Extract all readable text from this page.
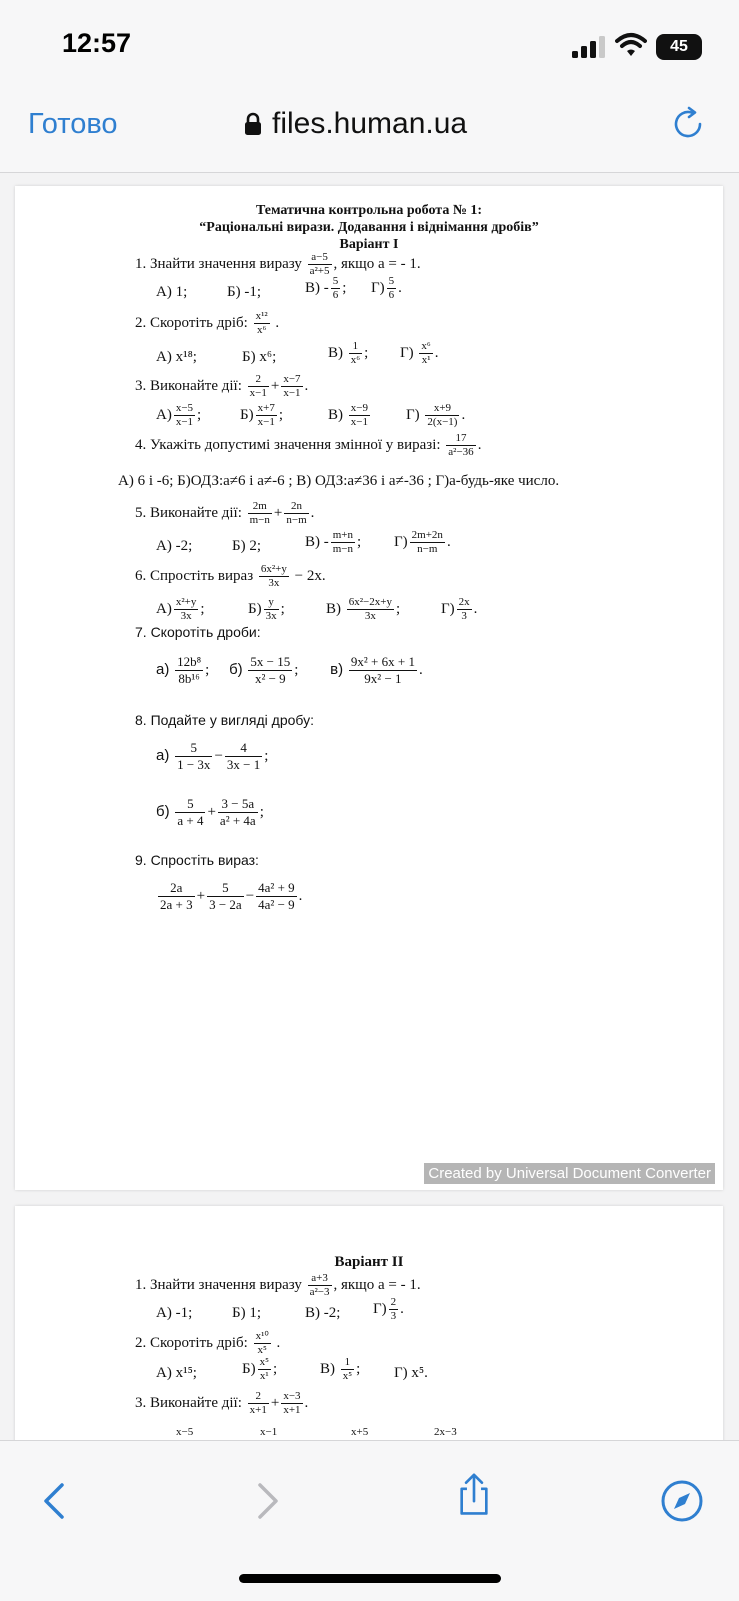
12:57	45
Готово	files.human.ua
Тематична контрольна робота № 1:
“Раціональні вирази. Додавання і віднімання дробів”
Варіант І
1. Знайти значення виразу $\frac{a-5}{\text{a²+5}}$ , якщо a = - 1.
А) 1;	Б) -1;	$В) - \frac{5}{6}$ ; $Г) \frac{5}{6}$ .
2. Скоротіть дріб: $\frac{\text{x¹²}}{\text{x⁶}}$ .
А) x¹⁸;	Б) x⁶;	$В) \frac{1}{\text{x⁶}}$ ; $Г) \frac{\text{x⁶}}{\text{x¹}}$ .
3. Виконайте дії: $\frac{2}{x-1} + \frac{x-7}{x-1}$ .
$А) \frac{x-5}{x-1}$ ;	$Б) \frac{x+7}{x-1}$ ;	$В) \frac{x-9}{x-1} Г) \frac{x+9}{2(x-1)}$ .
4. Укажіть допустимі значення змінної у виразі: $\frac{17}{\text{a²−36}}$ .
А) 6 і -6; Б)ОДЗ:a≠6 і a≠-6 ; В) ОДЗ:a≠36 і a≠-36 ; Г)a-будь-яке число.
5. Виконайте дії: $\frac{2m}{m-n} + \frac{2n}{n-m}$ .
А) -2;	Б) 2;	$В) - \frac{m+n}{m-n}$ ; $Г) \frac{2m+2n}{n-m}$ .
6. Спростіть вираз $\frac{\text{6x²+y}}{3x} - 2x$.
$А) \frac{\text{x²+y}}{3x}$ ;	$Б) \frac{y}{3x}$ ;	$В) \frac{\text{6x²−2x+y}}{3x}$ ;	$Г) \frac{2x}{3}$ .
7. Скоротіть дроби:
$а) \frac{\text{12b⁸}}{\text{8b¹⁶}}$ ; $б) \frac{5x - 15}{\text{x² − 9}}$ ; $в) \frac{\text{9x² + 6x + 1}}{\text{9x² − 1}}$ .
8. Подайте у вигляді дробу:
$а) \frac{5}{1 - 3x} - \frac{4}{3x - 1}$ ;
$б) \frac{5}{a + 4} + \frac{3 - 5a}{\text{a² + 4a}}$ ;
9. Спростіть вираз:
$\frac{2a}{2a + 3} + \frac{5}{3 - 2a} - \frac{\text{4a² + 9}}{\text{4a² − 9}}$ .
Created by Universal Document Converter
Варіант ІІ
1. Знайти значення виразу $\frac{a+3}{\text{a²−3}}$ , якщо a = - 1.
А) -1;	Б) 1;	В) -2; $Г) \frac{2}{3}$ .
2. Скоротіть дріб: $\frac{\text{x¹⁰}}{\text{x⁵}}$ .
А) x¹⁵;	$Б) \frac{\text{x⁵}}{\text{x¹}}$ ;	$В) \frac{1}{\text{x⁵}}$ ; Г) x⁵.
3. Виконайте дії: $\frac{2}{x+1} + \frac{x-3}{x+1}$ .
x−5	x−1	x+5	2x−3
